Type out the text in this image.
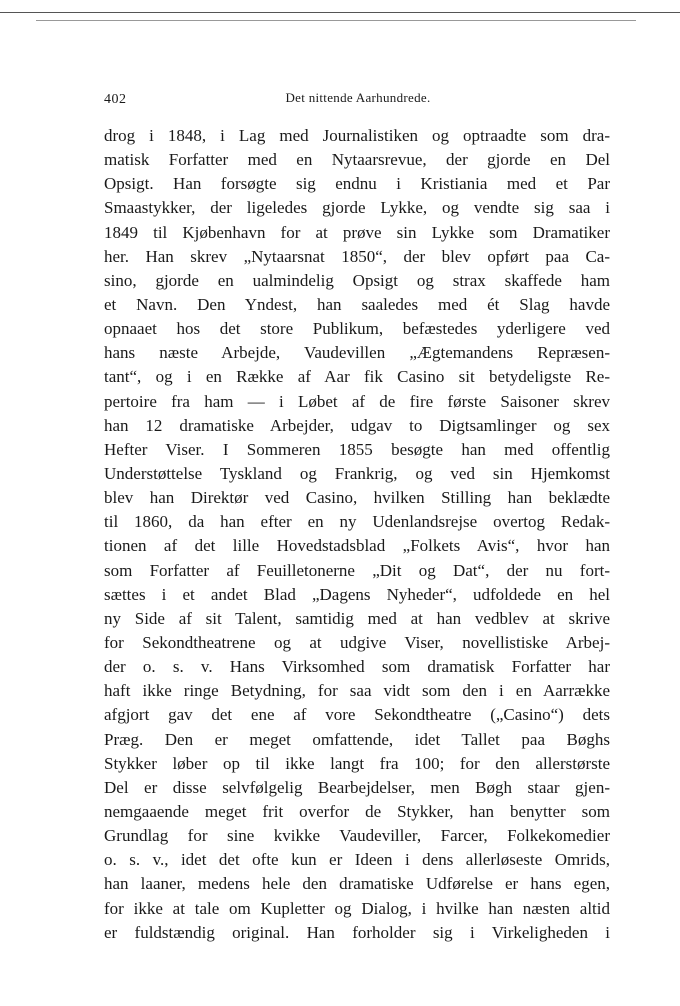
402	Det nittende Aarhundrede.
drog i 1848, i Lag med Journalistiken og optraadte som dra-
matisk Forfatter med en Nytaarsrevue, der gjorde en Del
Opsigt. Han forsøgte sig endnu i Kristiania med et Par
Smaastykker, der ligeledes gjorde Lykke, og vendte sig saa i
1849 til Kjøbenhavn for at prøve sin Lykke som Dramatiker
her. Han skrev „Nytaarsnat 1850“, der blev opført paa Ca-
sino, gjorde en ualmindelig Opsigt og strax skaffede ham
et Navn. Den Yndest, han saaledes med ét Slag havde
opnaaet hos det store Publikum, befæstedes yderligere ved
hans næste Arbejde, Vaudevillen „Ægtemandens Repræsen-
tant“, og i en Række af Aar fik Casino sit betydeligste Re-
pertoire fra ham — i Løbet af de fire første Saisoner skrev
han 12 dramatiske Arbejder, udgav to Digtsamlinger og sex
Hefter Viser. I Sommeren 1855 besøgte han med offentlig
Understøttelse Tyskland og Frankrig, og ved sin Hjemkomst
blev han Direktør ved Casino, hvilken Stilling han beklædte
til 1860, da han efter en ny Udenlandsrejse overtog Redak-
tionen af det lille Hovedstadsblad „Folkets Avis“, hvor han
som Forfatter af Feuilletonerne „Dit og Dat“, der nu fort-
sættes i et andet Blad „Dagens Nyheder“, udfoldede en hel
ny Side af sit Talent, samtidig med at han vedblev at skrive
for Sekondtheatrene og at udgive Viser, novellistiske Arbej-
der o. s. v. Hans Virksomhed som dramatisk Forfatter har
haft ikke ringe Betydning, for saa vidt som den i en Aarrække
afgjort gav det ene af vore Sekondtheatre („Casino“) dets
Præg. Den er meget omfattende, idet Tallet paa Bøghs
Stykker løber op til ikke langt fra 100; for den allerstørste
Del er disse selvfølgelig Bearbejdelser, men Bøgh staar gjen-
nemgaaende meget frit overfor de Stykker, han benytter som
Grundlag for sine kvikke Vaudeviller, Farcer, Folkekomedier
o. s. v., idet det ofte kun er Ideen i dens allerløseste Omrids,
han laaner, medens hele den dramatiske Udførelse er hans egen,
for ikke at tale om Kupletter og Dialog, i hvilke han næsten altid
er fuldstændig original. Han forholder sig i Virkeligheden i
